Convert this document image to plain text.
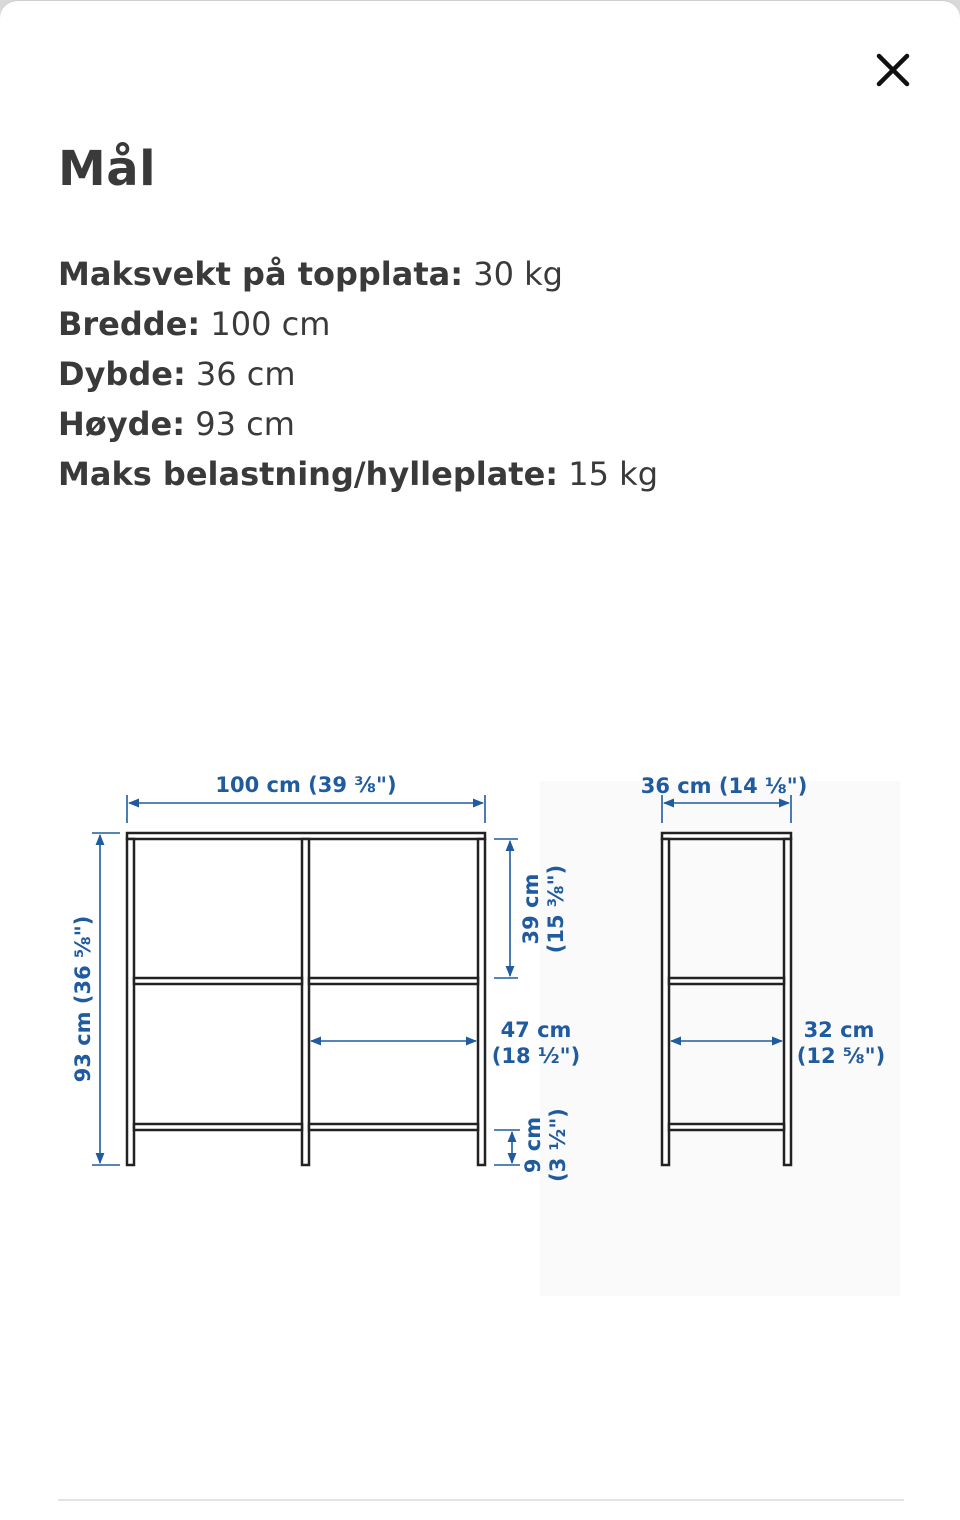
Mål
Maksvekt på topplata: 30 kg
Bredde: 100 cm
Dybde: 36 cm
Høyde: 93 cm
Maks belastning/hylleplate: 15 kg
100 cm (39 ⅜")
93 cm (36 ⅝")
39 cm (15 ⅜")
47 cm
(18 ½")
9 cm (3 ½")
36 cm (14 ⅛")
32 cm
(12 ⅝")
